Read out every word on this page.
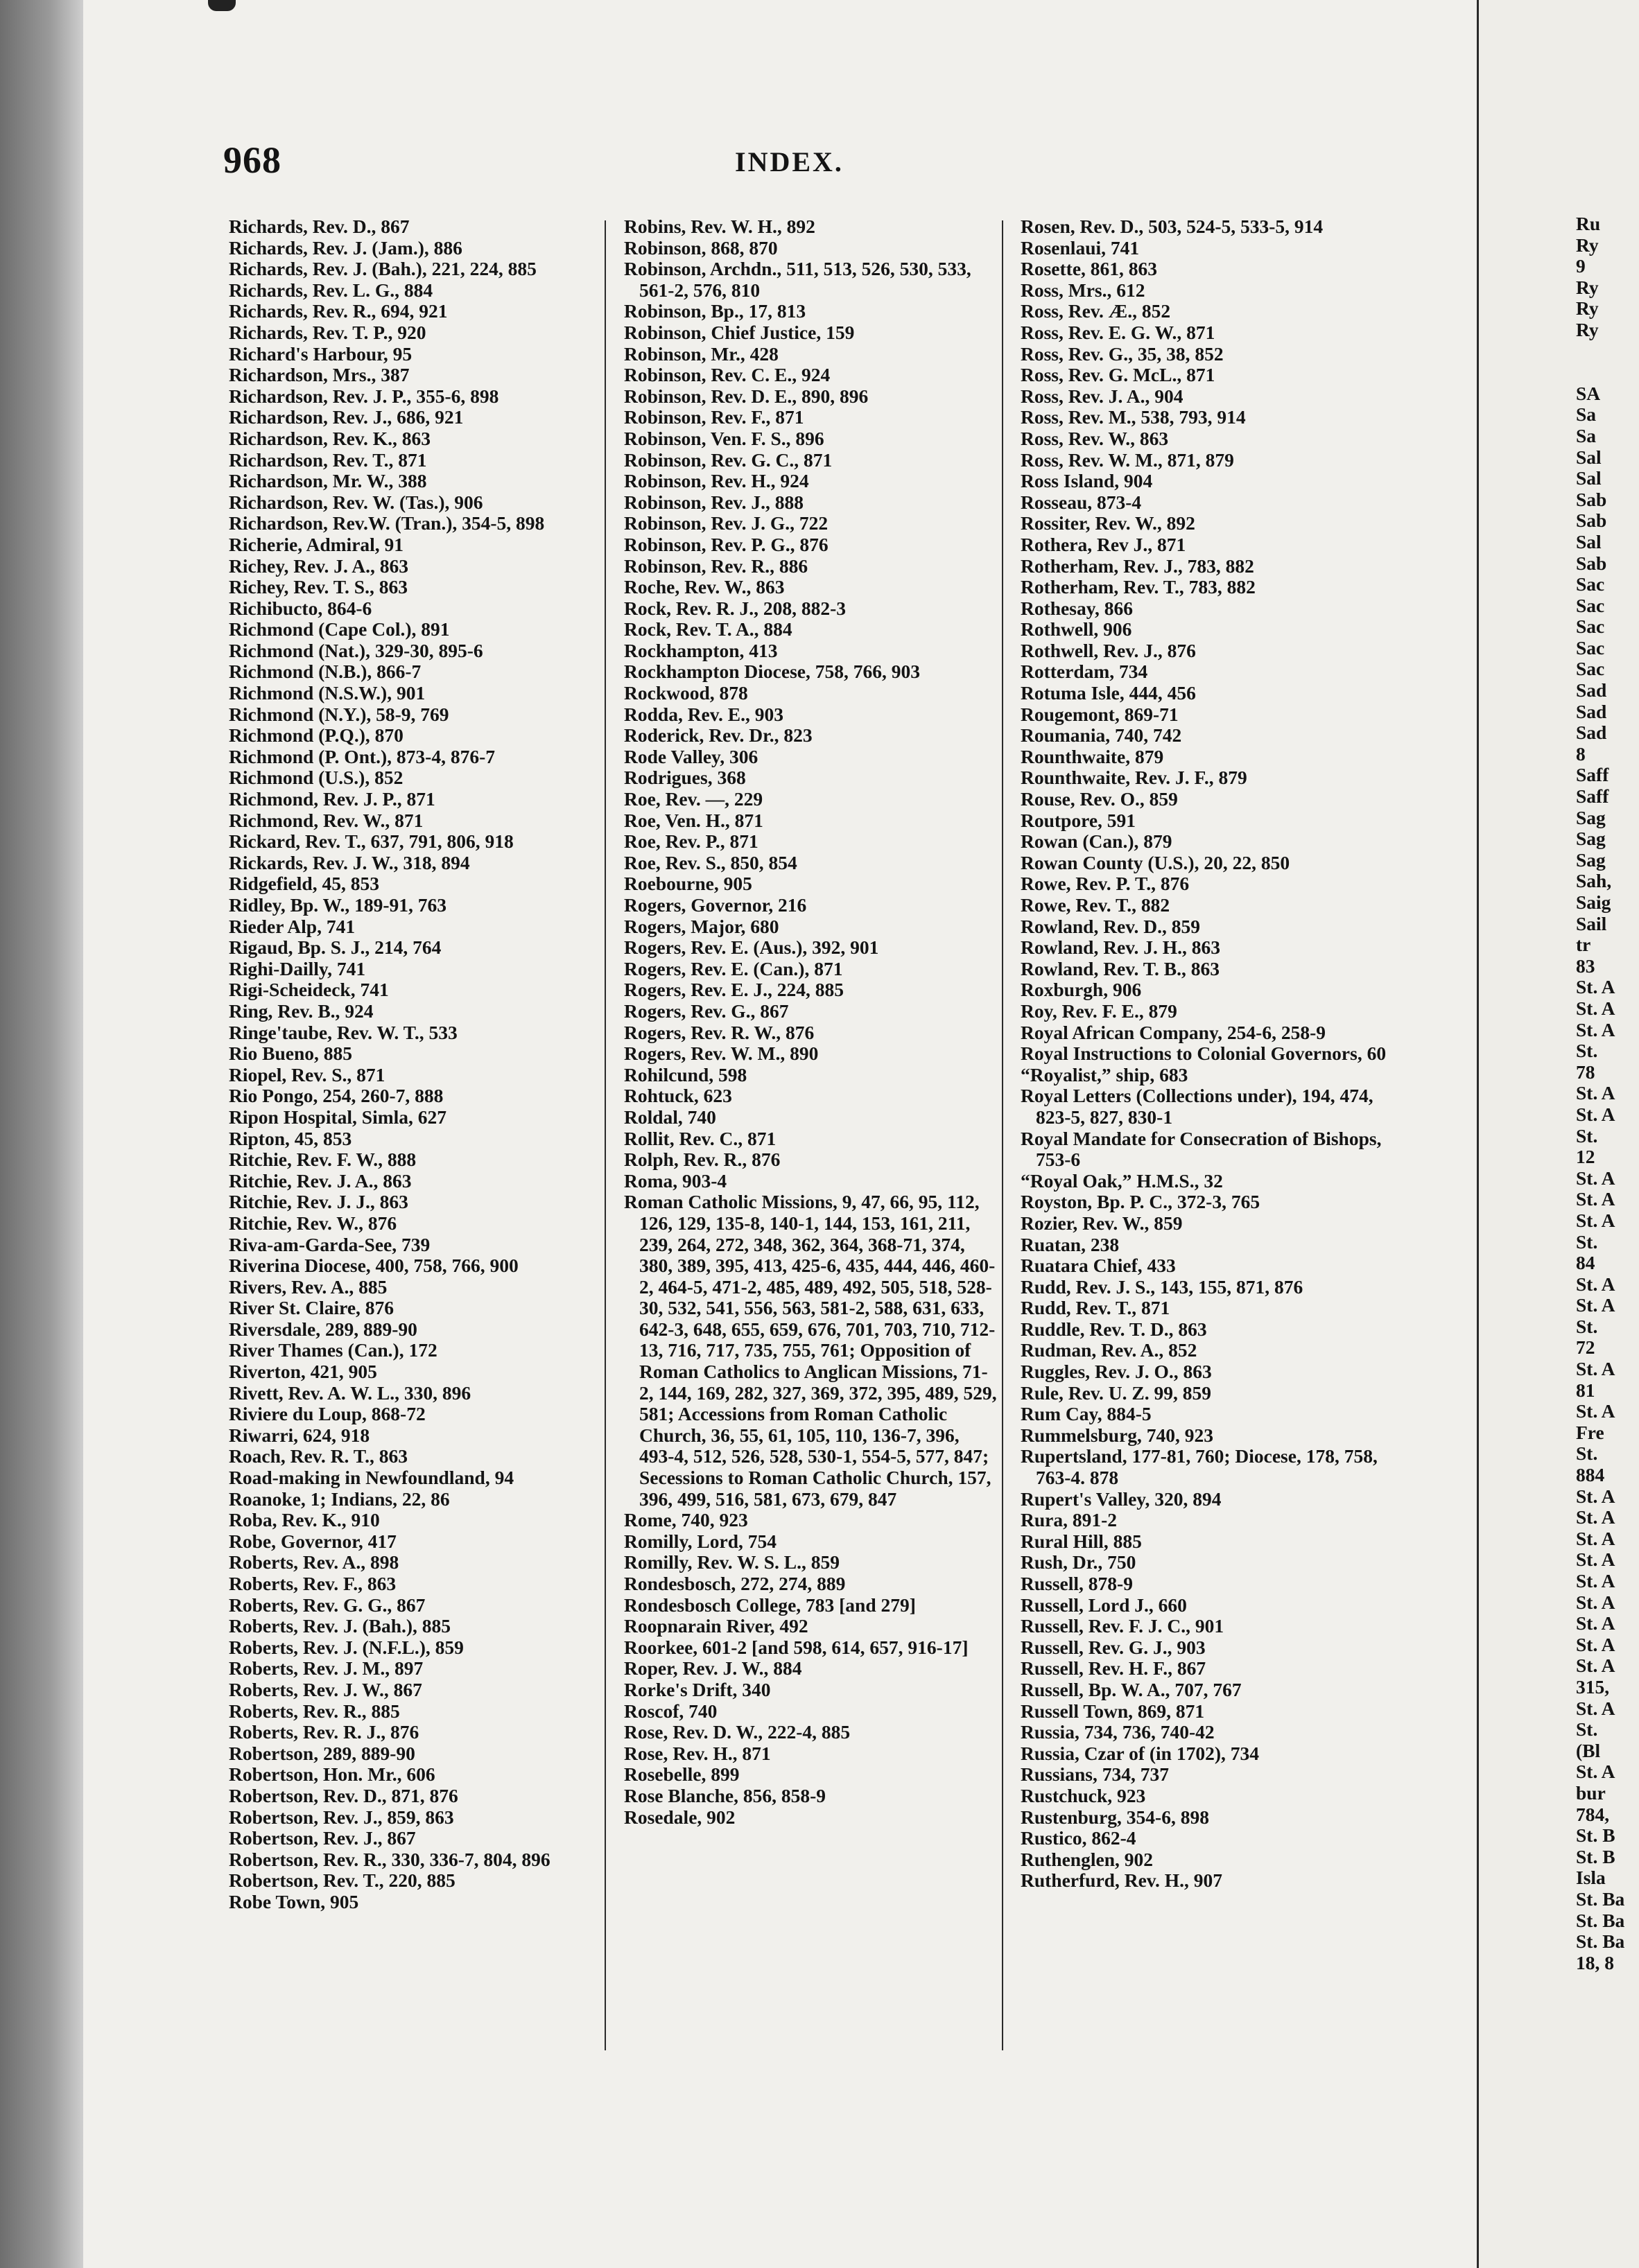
968	INDEX.
Richards, Rev. D., 867
Richards, Rev. J. (Jam.), 886
Richards, Rev. J. (Bah.), 221, 224, 885
Richards, Rev. L. G., 884
Richards, Rev. R., 694, 921
Richards, Rev. T. P., 920
Richard's Harbour, 95
Richardson, Mrs., 387
Richardson, Rev. J. P., 355-6, 898
Richardson, Rev. J., 686, 921
Richardson, Rev. K., 863
Richardson, Rev. T., 871
Richardson, Mr. W., 388
Richardson, Rev. W. (Tas.), 906
Richardson, Rev.W. (Tran.), 354-5, 898
Richerie, Admiral, 91
Richey, Rev. J. A., 863
Richey, Rev. T. S., 863
Richibucto, 864-6
Richmond (Cape Col.), 891
Richmond (Nat.), 329-30, 895-6
Richmond (N.B.), 866-7
Richmond (N.S.W.), 901
Richmond (N.Y.), 58-9, 769
Richmond (P.Q.), 870
Richmond (P. Ont.), 873-4, 876-7
Richmond (U.S.), 852
Richmond, Rev. J. P., 871
Richmond, Rev. W., 871
Rickard, Rev. T., 637, 791, 806, 918
Rickards, Rev. J. W., 318, 894
Ridgefield, 45, 853
Ridley, Bp. W., 189-91, 763
Rieder Alp, 741
Rigaud, Bp. S. J., 214, 764
Righi-Dailly, 741
Rigi-Scheideck, 741
Ring, Rev. B., 924
Ringe'taube, Rev. W. T., 533
Rio Bueno, 885
Riopel, Rev. S., 871
Rio Pongo, 254, 260-7, 888
Ripon Hospital, Simla, 627
Ripton, 45, 853
Ritchie, Rev. F. W., 888
Ritchie, Rev. J. A., 863
Ritchie, Rev. J. J., 863
Ritchie, Rev. W., 876
Riva-am-Garda-See, 739
Riverina Diocese, 400, 758, 766, 900
Rivers, Rev. A., 885
River St. Claire, 876
Riversdale, 289, 889-90
River Thames (Can.), 172
Riverton, 421, 905
Rivett, Rev. A. W. L., 330, 896
Riviere du Loup, 868-72
Riwarri, 624, 918
Roach, Rev. R. T., 863
Road-making in Newfoundland, 94
Roanoke, 1; Indians, 22, 86
Roba, Rev. K., 910
Robe, Governor, 417
Roberts, Rev. A., 898
Roberts, Rev. F., 863
Roberts, Rev. G. G., 867
Roberts, Rev. J. (Bah.), 885
Roberts, Rev. J. (N.F.L.), 859
Roberts, Rev. J. M., 897
Roberts, Rev. J. W., 867
Roberts, Rev. R., 885
Roberts, Rev. R. J., 876
Robertson, 289, 889-90
Robertson, Hon. Mr., 606
Robertson, Rev. D., 871, 876
Robertson, Rev. J., 859, 863
Robertson, Rev. J., 867
Robertson, Rev. R., 330, 336-7, 804, 896
Robertson, Rev. T., 220, 885
Robe Town, 905
Robins, Rev. W. H., 892
Robinson, 868, 870
Robinson, Archdn., 511, 513, 526, 530, 533, 561-2, 576, 810
Robinson, Bp., 17, 813
Robinson, Chief Justice, 159
Robinson, Mr., 428
Robinson, Rev. C. E., 924
Robinson, Rev. D. E., 890, 896
Robinson, Rev. F., 871
Robinson, Ven. F. S., 896
Robinson, Rev. G. C., 871
Robinson, Rev. H., 924
Robinson, Rev. J., 888
Robinson, Rev. J. G., 722
Robinson, Rev. P. G., 876
Robinson, Rev. R., 886
Roche, Rev. W., 863
Rock, Rev. R. J., 208, 882-3
Rock, Rev. T. A., 884
Rockhampton, 413
Rockhampton Diocese, 758, 766, 903
Rockwood, 878
Rodda, Rev. E., 903
Roderick, Rev. Dr., 823
Rode Valley, 306
Rodrigues, 368
Roe, Rev. —, 229
Roe, Ven. H., 871
Roe, Rev. P., 871
Roe, Rev. S., 850, 854
Roebourne, 905
Rogers, Governor, 216
Rogers, Major, 680
Rogers, Rev. E. (Aus.), 392, 901
Rogers, Rev. E. (Can.), 871
Rogers, Rev. E. J., 224, 885
Rogers, Rev. G., 867
Rogers, Rev. R. W., 876
Rogers, Rev. W. M., 890
Rohilcund, 598
Rohtuck, 623
Roldal, 740
Rollit, Rev. C., 871
Rolph, Rev. R., 876
Roma, 903-4
Roman Catholic Missions, 9, 47, 66, 95, 112, 126, 129, 135-8, 140-1, 144, 153, 161, 211, 239, 264, 272, 348, 362, 364, 368-71, 374, 380, 389, 395, 413, 425-6, 435, 444, 446, 460-2, 464-5, 471-2, 485, 489, 492, 505, 518, 528-30, 532, 541, 556, 563, 581-2, 588, 631, 633, 642-3, 648, 655, 659, 676, 701, 703, 710, 712-13, 716, 717, 735, 755, 761; Opposition of Roman Catholics to Anglican Missions, 71-2, 144, 169, 282, 327, 369, 372, 395, 489, 529, 581; Accessions from Roman Catholic Church, 36, 55, 61, 105, 110, 136-7, 396, 493-4, 512, 526, 528, 530-1, 554-5, 577, 847; Secessions to Roman Catholic Church, 157, 396, 499, 516, 581, 673, 679, 847
Rome, 740, 923
Romilly, Lord, 754
Romilly, Rev. W. S. L., 859
Rondesbosch, 272, 274, 889
Rondesbosch College, 783 [and 279]
Roopnarain River, 492
Roorkee, 601-2 [and 598, 614, 657, 916-17]
Roper, Rev. J. W., 884
Rorke's Drift, 340
Roscof, 740
Rose, Rev. D. W., 222-4, 885
Rose, Rev. H., 871
Rosebelle, 899
Rose Blanche, 856, 858-9
Rosedale, 902
Rosen, Rev. D., 503, 524-5, 533-5, 914
Rosenlaui, 741
Rosette, 861, 863
Ross, Mrs., 612
Ross, Rev. Æ., 852
Ross, Rev. E. G. W., 871
Ross, Rev. G., 35, 38, 852
Ross, Rev. G. McL., 871
Ross, Rev. J. A., 904
Ross, Rev. M., 538, 793, 914
Ross, Rev. W., 863
Ross, Rev. W. M., 871, 879
Ross Island, 904
Rosseau, 873-4
Rossiter, Rev. W., 892
Rothera, Rev J., 871
Rotherham, Rev. J., 783, 882
Rotherham, Rev. T., 783, 882
Rothesay, 866
Rothwell, 906
Rothwell, Rev. J., 876
Rotterdam, 734
Rotuma Isle, 444, 456
Rougemont, 869-71
Roumania, 740, 742
Rounthwaite, 879
Rounthwaite, Rev. J. F., 879
Rouse, Rev. O., 859
Routpore, 591
Rowan (Can.), 879
Rowan County (U.S.), 20, 22, 850
Rowe, Rev. P. T., 876
Rowe, Rev. T., 882
Rowland, Rev. D., 859
Rowland, Rev. J. H., 863
Rowland, Rev. T. B., 863
Roxburgh, 906
Roy, Rev. F. E., 879
Royal African Company, 254-6, 258-9
Royal Instructions to Colonial Governors, 60
“Royalist,” ship, 683
Royal Letters (Collections under), 194, 474, 823-5, 827, 830-1
Royal Mandate for Consecration of Bishops, 753-6
“Royal Oak,” H.M.S., 32
Royston, Bp. P. C., 372-3, 765
Rozier, Rev. W., 859
Ruatan, 238
Ruatara Chief, 433
Rudd, Rev. J. S., 143, 155, 871, 876
Rudd, Rev. T., 871
Ruddle, Rev. T. D., 863
Rudman, Rev. A., 852
Ruggles, Rev. J. O., 863
Rule, Rev. U. Z. 99, 859
Rum Cay, 884-5
Rummelsburg, 740, 923
Rupertsland, 177-81, 760; Diocese, 178, 758, 763-4. 878
Rupert's Valley, 320, 894
Rura, 891-2
Rural Hill, 885
Rush, Dr., 750
Russell, 878-9
Russell, Lord J., 660
Russell, Rev. F. J. C., 901
Russell, Rev. G. J., 903
Russell, Rev. H. F., 867
Russell, Bp. W. A., 707, 767
Russell Town, 869, 871
Russia, 734, 736, 740-42
Russia, Czar of (in 1702), 734
Russians, 734, 737
Rustchuck, 923
Rustenburg, 354-6, 898
Rustico, 862-4
Ruthenglen, 902
Rutherfurd, Rev. H., 907
Ru
Ry
9
Ry
Ry
Ry
SA
Sa
Sa
Sal
Sal
Sab
Sab
Sal
Sab
Sac
Sac
Sac
Sac
Sac
Sad
Sad
Sad
8
Saff
Saff
Sag
Sag
Sag
Sah,
Saig
Sail
tr
83
St. A
St. A
St. A
St.
78
St. A
St. A
St.
12
St. A
St. A
St. A
St.
84
St. A
St. A
St.
72
St. A
81
St. A
Fre
St.
884
St. A
St. A
St. A
St. A
St. A
St. A
St. A
St. A
St. A
315,
St. A
St.
(Bl
St. A
bur
784,
St. B
St. B
Isla
St. Ba
St. Ba
St. Ba
18, 8
